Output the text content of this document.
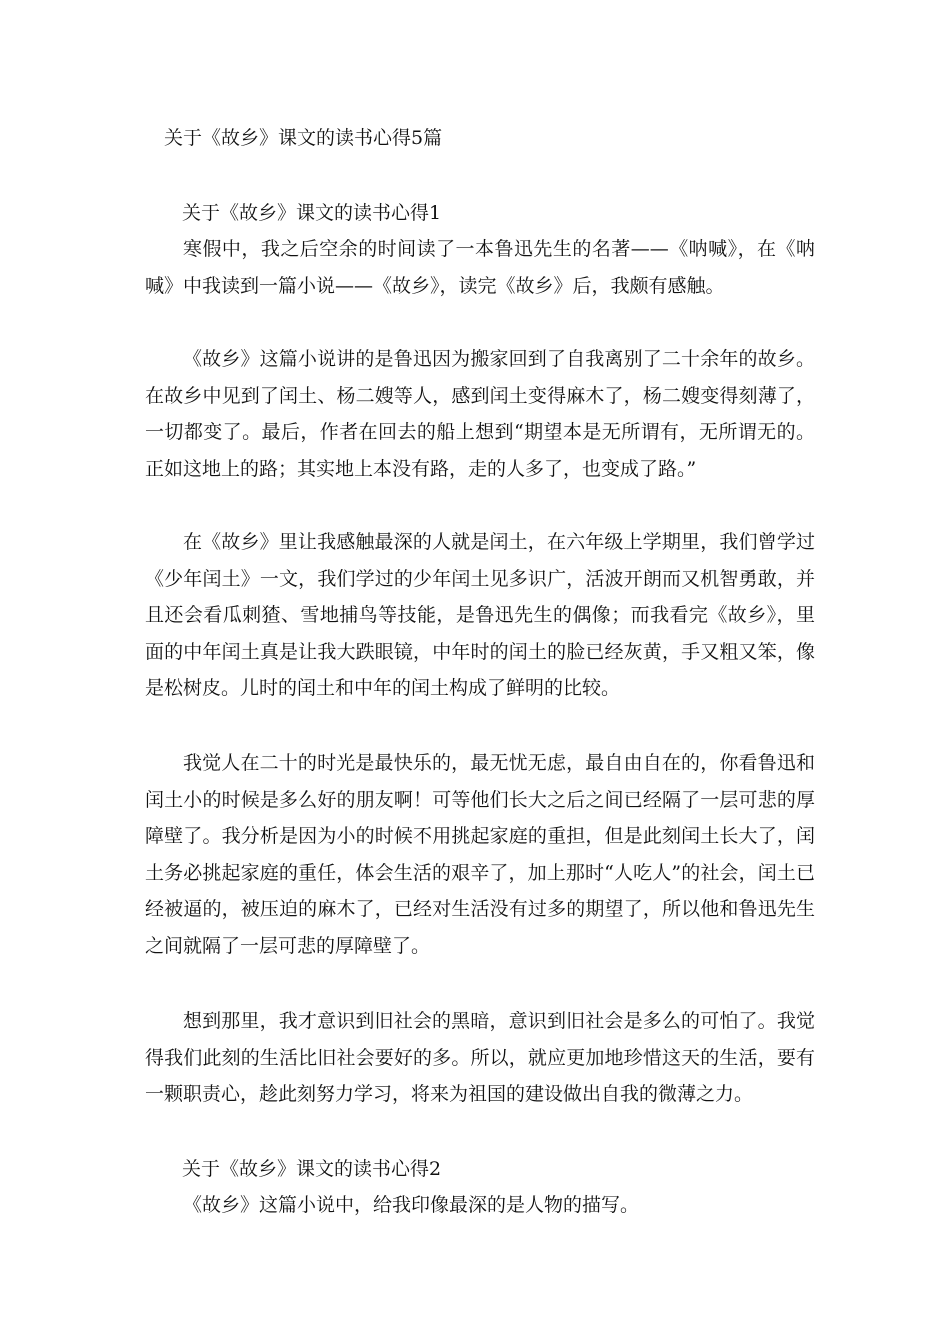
关于《故乡》课文的读书心得5篇
关于《故乡》课文的读书心得1

寒假中，我之后空余的时间读了一本鲁迅先生的名著——《呐喊》，在《呐喊》中我读到一篇小说——《故乡》，读完《故乡》后，我颇有感触。

《故乡》这篇小说讲的是鲁迅因为搬家回到了自我离别了二十余年的故乡。在故乡中见到了闰土、杨二嫂等人，感到闰土变得麻木了，杨二嫂变得刻薄了，一切都变了。最后，作者在回去的船上想到“期望本是无所谓有，无所谓无的。正如这地上的路；其实地上本没有路，走的人多了，也变成了路。”

在《故乡》里让我感触最深的人就是闰土，在六年级上学期里，我们曾学过《少年闰土》一文，我们学过的少年闰土见多识广，活波开朗而又机智勇敢，并且还会看瓜刺猹、雪地捕鸟等技能，是鲁迅先生的偶像；而我看完《故乡》，里面的中年闰土真是让我大跌眼镜，中年时的闰土的脸已经灰黄，手又粗又笨，像是松树皮。儿时的闰土和中年的闰土构成了鲜明的比较。

我觉人在二十的时光是最快乐的，最无忧无虑，最自由自在的，你看鲁迅和闰土小的时候是多么好的朋友啊！可等他们长大之后之间已经隔了一层可悲的厚障壁了。我分析是因为小的时候不用挑起家庭的重担，但是此刻闰土长大了，闰土务必挑起家庭的重任，体会生活的艰辛了，加上那时“人吃人”的社会，闰土已经被逼的，被压迫的麻木了，已经对生活没有过多的期望了，所以他和鲁迅先生之间就隔了一层可悲的厚障壁了。

想到那里，我才意识到旧社会的黑暗，意识到旧社会是多么的可怕了。我觉得我们此刻的生活比旧社会要好的多。所以，就应更加地珍惜这天的生活，要有一颗职责心，趁此刻努力学习，将来为祖国的建设做出自我的微薄之力。

关于《故乡》课文的读书心得2

《故乡》这篇小说中，给我印像最深的是人物的描写。
